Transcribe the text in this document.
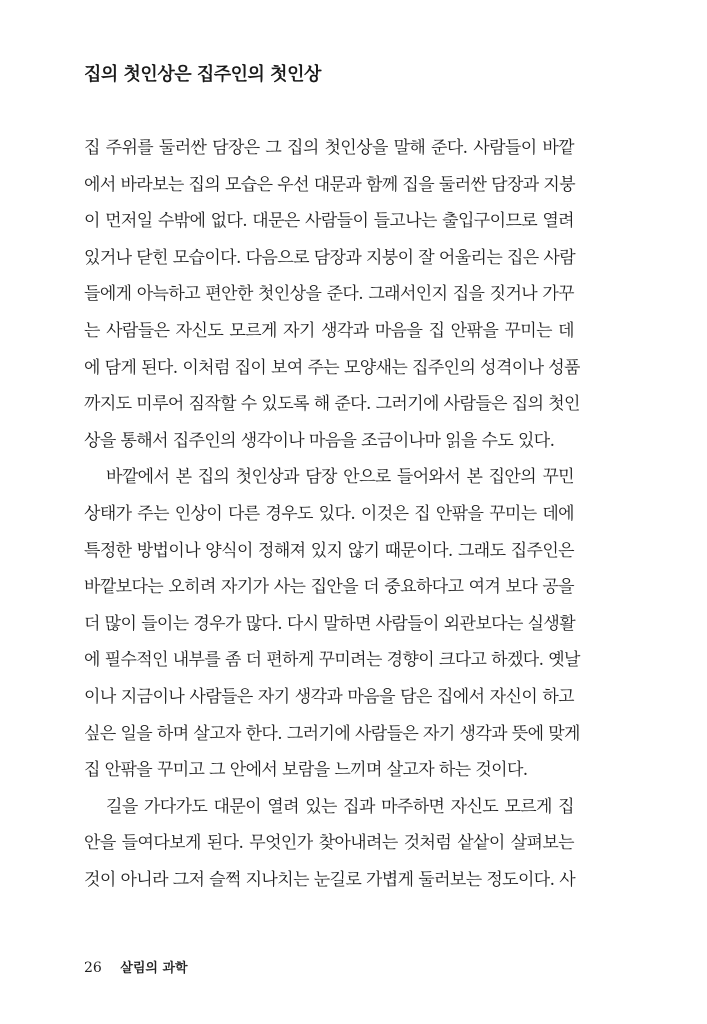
집의 첫인상은 집주인의 첫인상
집 주위를 둘러싼 담장은 그 집의 첫인상을 말해 준다. 사람들이 바깥
에서 바라보는 집의 모습은 우선 대문과 함께 집을 둘러싼 담장과 지붕
이 먼저일 수밖에 없다. 대문은 사람들이 들고나는 출입구이므로 열려
있거나 닫힌 모습이다. 다음으로 담장과 지붕이 잘 어울리는 집은 사람
들에게 아늑하고 편안한 첫인상을 준다. 그래서인지 집을 짓거나 가꾸
는 사람들은 자신도 모르게 자기 생각과 마음을 집 안팎을 꾸미는 데
에 담게 된다. 이처럼 집이 보여 주는 모양새는 집주인의 성격이나 성품
까지도 미루어 짐작할 수 있도록 해 준다. 그러기에 사람들은 집의 첫인
상을 통해서 집주인의 생각이나 마음을 조금이나마 읽을 수도 있다.
바깥에서 본 집의 첫인상과 담장 안으로 들어와서 본 집안의 꾸민
상태가 주는 인상이 다른 경우도 있다. 이것은 집 안팎을 꾸미는 데에
특정한 방법이나 양식이 정해져 있지 않기 때문이다. 그래도 집주인은
바깥보다는 오히려 자기가 사는 집안을 더 중요하다고 여겨 보다 공을
더 많이 들이는 경우가 많다. 다시 말하면 사람들이 외관보다는 실생활
에 필수적인 내부를 좀 더 편하게 꾸미려는 경향이 크다고 하겠다. 옛날
이나 지금이나 사람들은 자기 생각과 마음을 담은 집에서 자신이 하고
싶은 일을 하며 살고자 한다. 그러기에 사람들은 자기 생각과 뜻에 맞게
집 안팎을 꾸미고 그 안에서 보람을 느끼며 살고자 하는 것이다.
길을 가다가도 대문이 열려 있는 집과 마주하면 자신도 모르게 집
안을 들여다보게 된다. 무엇인가 찾아내려는 것처럼 샅샅이 살펴보는
것이 아니라 그저 슬쩍 지나치는 눈길로 가볍게 둘러보는 정도이다. 사
26 살림의 과학
